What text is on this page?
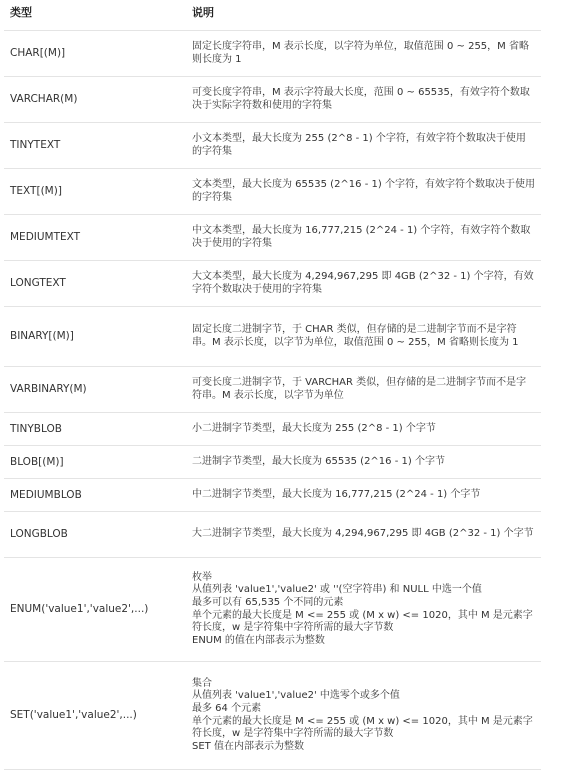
类型	说明
CHAR[(M)]	固定长度字符串，M 表示长度，以字符为单位，取值范围 0 ~ 255，M 省略则长度为 1

VARCHAR(M)	可变长度字符串，M 表示字符最大长度，范围 0 ~ 65535，有效字符个数取决于实际字符数和使用的字符集

TINYTEXT	小文本类型，最大长度为 255 (2^8 - 1) 个字符，有效字符个数取决于使用的字符集

TEXT[(M)]	文本类型，最大长度为 65535 (2^16 - 1) 个字符，有效字符个数取决于使用的字符集

MEDIUMTEXT	中文本类型，最大长度为 16,777,215 (2^24 - 1) 个字符，有效字符个数取决于使用的字符集

LONGTEXT	大文本类型，最大长度为 4,294,967,295 即 4GB (2^32 - 1) 个字符，有效字符个数取决于使用的字符集

BINARY[(M)]	固定长度二进制字节，于 CHAR 类似，但存储的是二进制字节而不是字符串。M 表示长度，以字节为单位，取值范围 0 ~ 255，M 省略则长度为 1

VARBINARY(M)	可变长度二进制字节，于 VARCHAR 类似，但存储的是二进制字节而不是字符串。M 表示长度，以字节为单位

TINYBLOB	小二进制字节类型，最大长度为 255 (2^8 - 1) 个字节

BLOB[(M)]	二进制字节类型，最大长度为 65535 (2^16 - 1) 个字节

MEDIUMBLOB	中二进制字节类型，最大长度为 16,777,215 (2^24 - 1) 个字节

LONGBLOB	大二进制字节类型，最大长度为 4,294,967,295 即 4GB (2^32 - 1) 个字节

ENUM('value1','value2',...)	枚举
从值列表 'value1','value2' 或 ''(空字符串) 和 NULL 中选一个值
最多可以有 65,535 个不同的元素
单个元素的最大长度是 M <= 255 或 (M x w) <= 1020，其中 M 是元素字符长度，w 是字符集中字符所需的最大字节数
ENUM 的值在内部表示为整数

SET('value1','value2',...)	集合
从值列表 'value1','value2' 中选零个或多个值
最多 64 个元素
单个元素的最大长度是 M <= 255 或 (M x w) <= 1020，其中 M 是元素字符长度，w 是字符集中字符所需的最大字节数
SET 值在内部表示为整数
